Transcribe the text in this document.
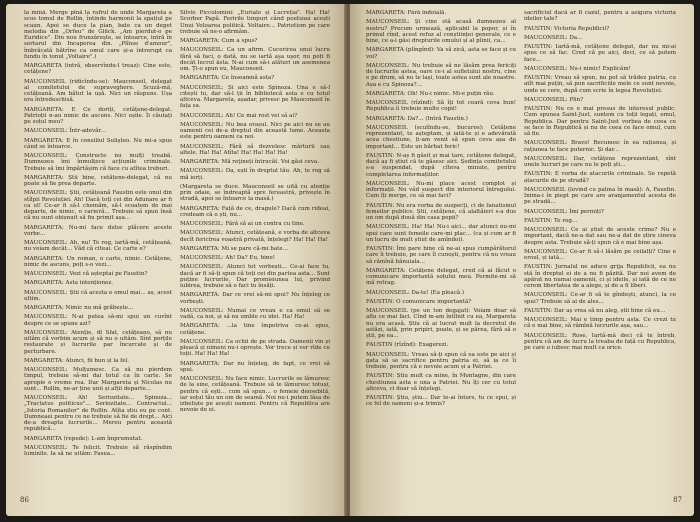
la mînă. Merge pînă la rafrul de unde Margareta a scos tomul de Rollin, întinde harmonii la spațiul pe scaun. Apoi se duce la pian, bate ca un deget melodia din „Orfeu" de Glück. „Am pierdut-o pe Euridice". Din nou frunzărește, se întoarce, intră în sertarul din Incaperea din. „Plînse d'amour", îmbrăcată bătrîne ca omul care și-a întrerupt ca fundu în tonul „Voltaire".)

MARGARETA (intră, observîndu-l treaz): Cine este, cetățene?

MAUCONSEIL (ridicîndu-se): Mauconseil, delegat al comitetului de supraveghere. Scuză-mă, cetățeană. Am bătut la ușă. Nici un răspuns. Ușa era întredeschisă.

MARGARETA: E Ce doriți, cetățene-delegat. Patrioții n-au nimic de ascuns. Nici ușile. Îi căutați pe soțul meu?

MAUCONSEIL: Într-adevăr...

MARGARETA: E în consiliul Sulișteo. Nu mi-a spus când se întoarce.

MAUCONSEIL: Constructe nu mulți treabă. Dumnezeu îmi înmulțece acțiunile criminale. Trebuie să îmi împărtășim că face cu atîtea treburi.

MARGARETA: Știi bine, cetățene-delegat, că nu poate să fie prea departe.

MAUCONSEIL: Știi, cetățeană Faustin este unul din stîlpii Revoluției. Ah! Dacă toți cei din Adunare ar fi ca el! Ce-ar fi să-l chemăm, să-l scoatem de mai departe, de nimic, o carieră... Trebuie să spun însă că nu sunt obișnuit să fiu primit așa...

MARGARETA: Nu-mi face deloc plăcere aceste vorbe...

MAUCONSEIL: Ah, nu! Te rog, iartă-mă, cetățeană, nu voiam decât... Văd că citeai. Ce carte e?

MARGARETA: Un roman, o carte, nimic. Cetățene, nimic de ascuns, poți s-o vezi...

MAUCONSEIL: Vezi că așteptai pe Faustin?

MARGARETA: Asta intenționez.

MAUCONSEIL: Știi că acesta e omul mai... aș, acest ultim.

MARGARETA: Nimic nu mă grăbește...

MAUCONSEIL: N-ai putea să-mi spui un cuvînt despre ce se spune azi?

MAUCONSEIL: Atenție, dl Sfat, cetățeano, să nu uităm că vorbim acum și să nu o uităm. Sînt porțile restaurate și lucrurile par încurcate și de perturbare.

MARGARETA: Atunci, fii bun și la fel.

MAUCONSEIL: Mulțumesc. Ca să nu pierdem timpul, trebuie să-mi dai totul ca în carte. Se apropie o vreme rea. Dar Margareta și Nicolas nu sunt... Rollin, ne-ar ține unii și alții departe...

MAUCONSEIL: Ah! Seriozitate... Spinoza... „Tractatus politicus"... Seriozitate... Contractul... „Istoria Romanilor" de Rollin. Atîta știu eu pe cont. Dumneaei pentru ce ne trebuie să fie de drept... Aici de-a dreapta lucrurile... Mereu pentru această republică...

MARGARETA (repede): L-am împrumutat.

MAUCONSEIL: Te felicit. Trebuie să răspîndim luminile. Ia să ne uităm: Fasea...

Silvio Piccolomini: „Eurialo și Lucreția". Ha! Ha! Scorber Papă. Feririle timpuri când poetizau acești Unui Voloarea politică. Voltaire... Patriotism pe care trebuie să ne-o afirmăm.

MARGARETA: Cum a spus?

MAUCONSEIL: Ca un afirm. Cucerirea unui lucru fără să faci, o dată, nu se iartă așa ușor, nu poți fi decât lucrul ăsta. N-ai cum să-i alături un asemenea om. Ți-o spun eu, Mauconseil.

MARGARETA: Ce înseamnă asta?

MAUCONSEIL: Și aici este Spinoza. Una e să-l citești tu, dar să-l ții în bibliotecă asta e cu totul altceva. Margareta, așadar, privesc pe Mauconseil în fața sa.

MAUCONSEIL: Ah! Ce mai rost vei să ai?

MAUCONSEIL: Nu bea orașul. Nici pe aici nu se au oamenii cei de-a dreptul din această lume. Aceasta este pentru oameni ca noi.

MAUCONSEIL: Fără să dezvelesc mărturii sau altele. Ha! Ha! Atîta! Ha! Ha! Ha! Ha!

MARGARETA: Mă rețineți întrucât. Voi găsi ceva.

MAUCONSEIL: Da, ești în dreptul tău. Ah, te rog să mă ierți.

(Margareta se duce. Mauconseil se uită cu atenție prin odaie, se îndreaptă spre fereastră, privește în stradă, apoi se întoarce la masă.)

MARGARETA: Față de ce, dragule? Dacă cum rideai, credeam că o ști, nu...

MAUCONSEIL: Fără să ai un contra cu tine.

MAUCONSEIL: Atunci, cetățeană, e vorba de altceva decît fericirea voastră privată, înțelegi? Ha! Ha! Ha!

MARGARETA: Mi se pare că-mi bate...

MAUCONSEIL: Ah! Da? Eu, bine!

MAUCONSEIL: Atunci tot vorbești... Ce-ai face tu, dacă ar fi să-ți spun că toți cei din partea asta... Sunt puține lucrurile. Dar promisiunea lui, privind iubirea, trebuie să o faci tu însăți.

MARGARETA: Dar ce vrei să-mi spui? Nu înțeleg ce vorbești.

MAUCONSEIL: Numai ce vreau e ca omul să se vadă, ca noi, și să nu umble cu idei. Ha! Ha!

MARGARETA: ...la tine împotriva ce-ai spus, cetățene.

MAUCONSEIL: Ca ochii de pe strada. Oamenii vin și pleacă și nimeni nu-i oprește. Vor trece și vor rîde cu toții. Ha! Ha! Ha!

MARGARETA: Dar nu înțeleg, de fapt, ce vrei să spui.

MAUCONSEIL: Nu face nimic. Lucrurile se lămuresc de la sine, cetățeană. Trebuie să te lămuresc totuși, pentru că ești... cum să spun... o femeie deosebită, iar soțul tău un om de seamă. Noi nu-i putem lăsa de izbeliște pe acești oameni. Pentru că Republica are nevoie de ei.

86

MARGARETA: Fără îndoială.

MAUCONSEIL: Și cine stă acasă dumnezeu al nostru? Precum urmează, aplicabil la popor, și în primul rînd, acest refuz al conștiinței generale, ce e bine, ce a-i găsi drepturile omului și al pîinii, ca...

MARGARETA (plîngînd): Va să zică, asta se face și cu voi?

MAUCONSEIL: Nu trebuie să ne lăsăm prea fericiți de lucrurile astea, oare ce-i al sufletului nostru, cine e pe drum, să nu te lași, toate astea sunt ale noastre. Așa e cu Spinoza?...

MARGARETA: Oh! Nu-i nimic. Mi-e puțin rău.

MAUCONSEIL (rîzînd): Să îți tot ceară ceva bun! Republica îi trebuie multe copii!

MARGARETA: Da?... (Intră Faustin.)

MAUCONSEIL (sculîndu-se, bucuros): Cetățene reprezentant, te așteptam, și iată-te și e adevărată acea chestiune, ți-am venit să spun ceva așa de important... Este un bărbat feric!

FAUSTIN: N-aș fi găsit și mai tare, cetățene delegat, dacă aș fi știut că te găsesc aici. Ședința comitetului s-a suspendat, după cîteva minute, pentru completarea informațiilor.

MAUCONSEIL: Nu-mi place acest complot și informații. Nu văd suspect din interiorul întregului. Cum îți merge, ce să mai faci?

FAUSTIN: Nu era vorba de suspecți, ci de fanatismul femeilor publice. Știi, cetățene, că alaltăieri s-a dus un om după două din casa popii?

MAUCONSEIL: Ha! Ha! Nu-i aici... dar atunci nu-mi spui care sunt femeile care-mi plac... (ca și cum ar fi un lucru de mult știut de amîndoi).

FAUSTIN: Îmi pare bine că ne-ai spus cumpărătorul care îi trebuie, pe care îl cunoști, pentru că nu vreau să rămînă bănuiala...

MARGARETA: Cetățene delegat, cred că ai făcut o comunicare importantă soțului meu. Permite-mi să mă retrag.

MAUCONSEIL: Da-te! (Ea pleacă.)

FAUSTIN: O comunicare importantă?

MAUCONSEIL (pe un ton degajat): Voiam doar să aflu ce mai faci. Cînd m-am întîlnit cu ea, Margareta nu era acasă. Știu că ai lucrat mult la decretul de astăzi, iată, prin pripiri, poate, și se părea, fără să o știi, pe ea...

FAUSTIN (rîzînd): Exagerezi.

MAUCONSEIL: Vreau să-ți spun că ea este pe aici și gata să se sacrifice pentru patria ei, să ia ce îi trebuie, pentru că e nevoie acum și a Patriei.

FAUSTIN: Știu mult ca mine, în Montagne, din care chestiunea asta e una a Patriei. Nu îți cer cu totul altceva, ci doar să înțelegi.

FAUSTIN: Știu, știu... Dar te-ai întors, tu ce spui, și ce fel de oameni și-a trimis?

sacrificiul dacă ar fi cazul, pentru a asigura victoria ideilor tale?

FAUSTIN: Victoria Republicii?

MAUCONSEIL: Da...

FAUSTIN: Iartă-mă, cetățene delegat, dar nu mi-ai spus ce să fac. Cred că pe aici, deci, ce să putem face...

MAUCONSEIL: Nu-i nimic! Explicăm!

FAUSTIN: Vreau să spun, nu pot să trădez patria, cu atît mai puțin, să pun sacrificiile mele ce sunt nevoie, unde se cere, după cum scrie în legea Revoluției.

MAUCONSEIL: Plin?

FAUSTIN: Nu ce e mai presus de interesul public. Cum spunea Saint-Just, suntem cu toții legați, omul, Republica. Dar pentru Saint-Just vorbea de ceea ce se face în Republică și nu de ceea ce face omul, cum să fie.

MAUCONSEIL: Bravo! Recunosc în ea rațiunea, și rațiunea te face puternic. Și dar...

MAUCONSEIL: Dar, cetățene reprezentant, sînt unele lucruri pe care nu le poți ști...

FAUSTIN: E vorba de atacurile criminale. Se repetă atacurile de pe stradă?

MAUCONSEIL (lovind cu palma în masă): A, Faustin. Inima-i în piept pe care are aranjamentul acesta de pe stradă...

MAUCONSEIL: Îmi permiți?

FAUSTIN: Te rog...

MAUCONSEIL: Ce ai știut de aceste crime? Nu e important, dacă ne-a dat sau ne-a dat de știre cineva despre asta. Trebuie să-ți spun că e mai bine așa.

MAUCONSEIL: Ce-ar fi să-i lăsăm pe ceilalți? Cine e eroul, și iată...

FAUSTIN: Jurnalul ne aduce grija Republicii, ea nu stă în dreptul ei de a nu fi păzită. Dar noi avem de apărat nu numai oamenii, ci și ideile, și iată de ce ne cerem libertatea de a alege, și de a fi liberi.

MAUCONSEIL: Ce-ar fi să te gîndești, atunci, la ce spui? Trebuie să ai de ales...

FAUSTIN: Dar aș vrea să nu aleg, știi bine că eu...

MAUCONSEIL: Mai e timp pentru asta. Ce crezi tu că e mai bine, să rămînă lucrurile așa, sau...

MAUCONSEIL: Rose, Iartă-mă deci că te întreb, pentru că am de lucru la treaba de față cu Republica, pe care o iubesc mai mult ca orice.

87
